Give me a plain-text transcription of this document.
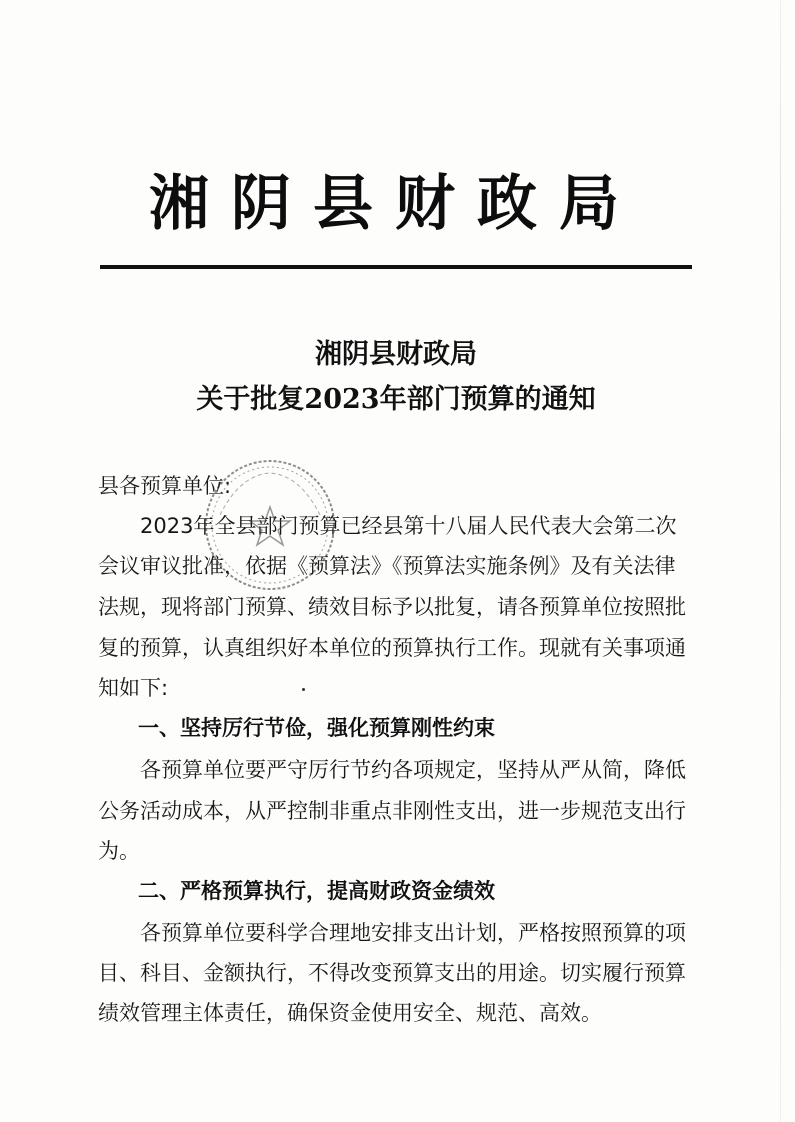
湘阴县财政局
湘阴县财政局
关于批复2023年部门预算的通知
县各预算单位:
2023年全县部门预算已经县第十八届人民代表大会第二次
会议审议批准，依据《预算法》《预算法实施条例》及有关法律
法规，现将部门预算、绩效目标予以批复，请各预算单位按照批
复的预算，认真组织好本单位的预算执行工作。现就有关事项通
知如下:
一、坚持厉行节俭，强化预算刚性约束
各预算单位要严守厉行节约各项规定，坚持从严从简，降低
公务活动成本，从严控制非重点非刚性支出，进一步规范支出行
为。
二、严格预算执行，提高财政资金绩效
各预算单位要科学合理地安排支出计划，严格按照预算的项
目、科目、金额执行，不得改变预算支出的用途。切实履行预算
绩效管理主体责任，确保资金使用安全、规范、高效。
